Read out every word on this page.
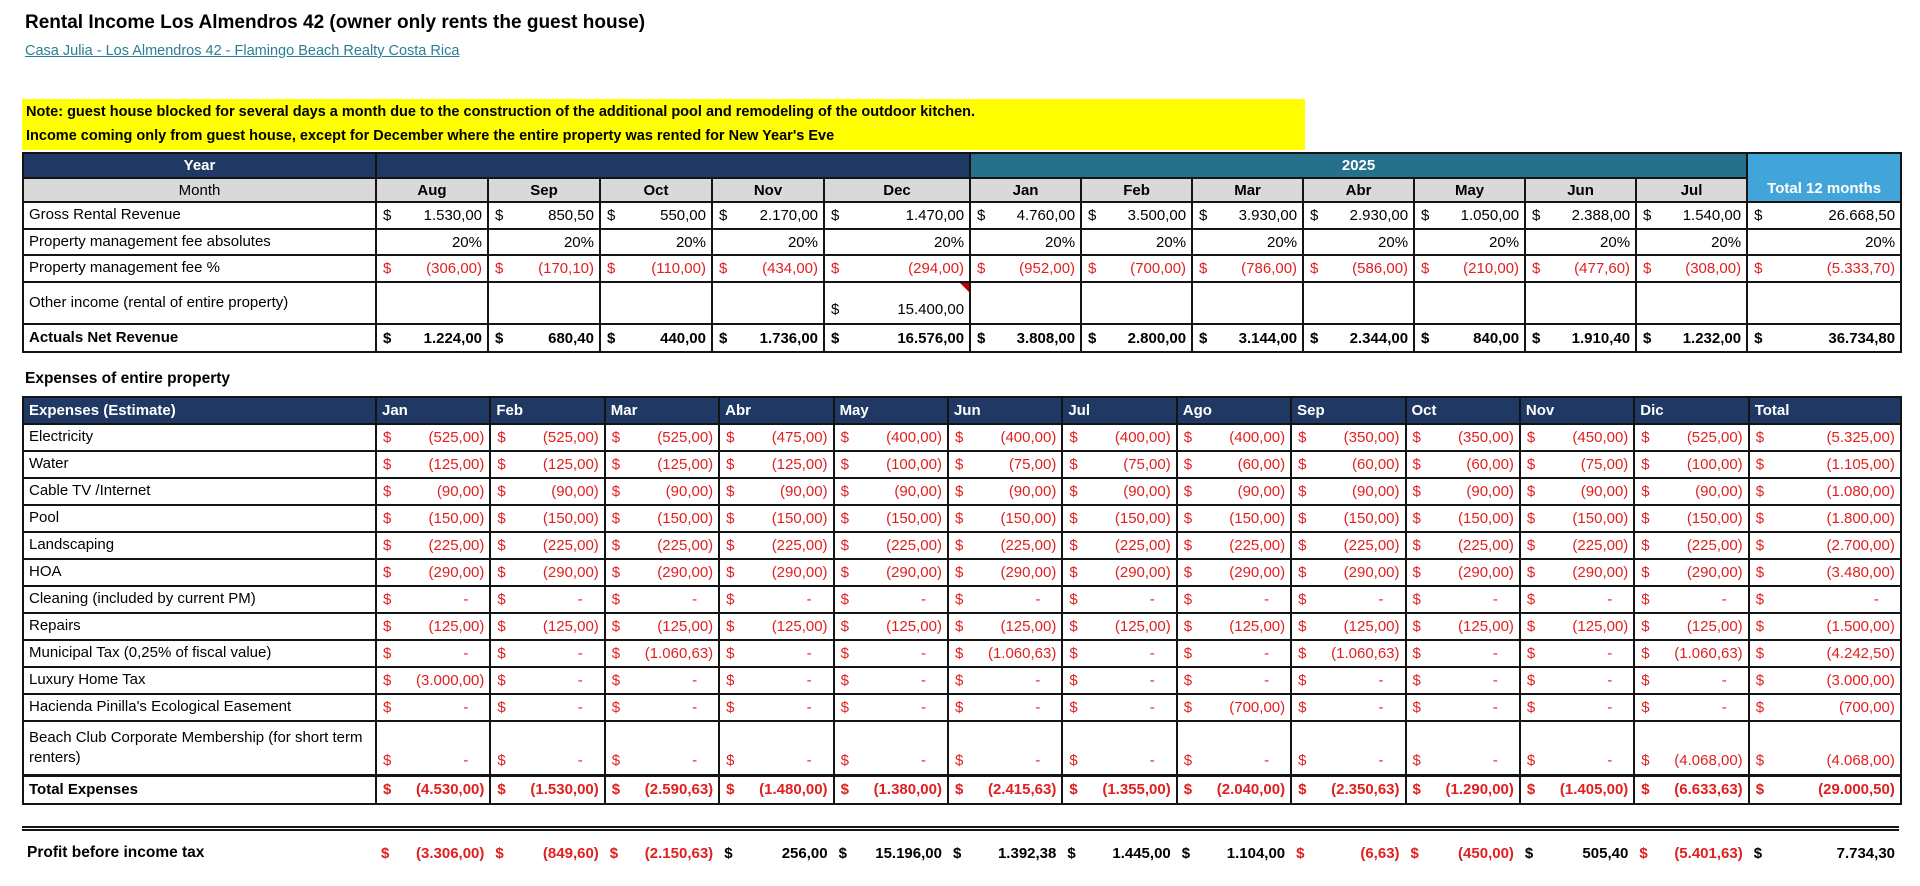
Rental Income Los Almendros 42 (owner only rents the guest house)
Casa Julia - Los Almendros 42 - Flamingo Beach Realty Costa Rica
Note: guest house blocked for several days a month due to the construction of the additional pool and remodeling of the outdoor kitchen.
Income coming only from guest house, except for December where the entire property was rented for New Year's Eve
Year						2025							Total 12 months
Month	Aug	Sep	Oct	Nov	Dec	Jan	Feb	Mar	Abr	May	Jun	Jul	
Gross Rental Revenue	$ 1.530,00	$ 850,50	$ 550,00	$ 2.170,00	$ 1.470,00	$ 4.760,00	$ 3.500,00	$ 3.930,00	$ 2.930,00	$ 1.050,00	$ 2.388,00	$ 1.540,00	$ 26.668,50

Property management fee absolutes	20%	20%	20%	20%	20%	20%	20%	20%	20%	20%	20%	20%	20%

Property management fee %	$ (306,00)	$ (170,10)	$ (110,00)	$ (434,00)	$ (294,00)	$ (952,00)	$ (700,00)	$ (786,00)	$ (586,00)	$ (210,00)	$ (477,60)	$ (308,00)	$ (5.333,70)

Other income (rental of entire property)					$ 15.400,00								

Actuals Net Revenue	$ 1.224,00	$ 680,40	$ 440,00	$ 1.736,00	$ 16.576,00	$ 3.808,00	$ 2.800,00	$ 3.144,00	$ 2.344,00	$ 840,00	$ 1.910,40	$ 1.232,00	$ 36.734,80
Expenses of entire property
Expenses (Estimate)	Jan	Feb	Mar	Abr	May	Jun	Jul	Ago	Sep	Oct	Nov	Dic	Total
Electricity	$ (525,00)	$ (525,00)	$ (525,00)	$ (475,00)	$ (400,00)	$ (400,00)	$ (400,00)	$ (400,00)	$ (350,00)	$ (350,00)	$ (450,00)	$ (525,00)	$ (5.325,00)

Water	$ (125,00)	$ (125,00)	$ (125,00)	$ (125,00)	$ (100,00)	$ (75,00)	$ (75,00)	$ (60,00)	$ (60,00)	$ (60,00)	$ (75,00)	$ (100,00)	$ (1.105,00)

Cable TV /Internet	$ (90,00)	$ (90,00)	$ (90,00)	$ (90,00)	$ (90,00)	$ (90,00)	$ (90,00)	$ (90,00)	$ (90,00)	$ (90,00)	$ (90,00)	$ (90,00)	$ (1.080,00)

Pool	$ (150,00)	$ (150,00)	$ (150,00)	$ (150,00)	$ (150,00)	$ (150,00)	$ (150,00)	$ (150,00)	$ (150,00)	$ (150,00)	$ (150,00)	$ (150,00)	$ (1.800,00)

Landscaping	$ (225,00)	$ (225,00)	$ (225,00)	$ (225,00)	$ (225,00)	$ (225,00)	$ (225,00)	$ (225,00)	$ (225,00)	$ (225,00)	$ (225,00)	$ (225,00)	$ (2.700,00)

HOA	$ (290,00)	$ (290,00)	$ (290,00)	$ (290,00)	$ (290,00)	$ (290,00)	$ (290,00)	$ (290,00)	$ (290,00)	$ (290,00)	$ (290,00)	$ (290,00)	$ (3.480,00)

Cleaning (included by current PM)	$ -	$ -	$ -	$ -	$ -	$ -	$ -	$ -	$ -	$ -	$ -	$ -	$ -

Repairs	$ (125,00)	$ (125,00)	$ (125,00)	$ (125,00)	$ (125,00)	$ (125,00)	$ (125,00)	$ (125,00)	$ (125,00)	$ (125,00)	$ (125,00)	$ (125,00)	$ (1.500,00)

Municipal Tax (0,25% of fiscal value)	$ -	$ -	$ (1.060,63)	$ -	$ -	$ (1.060,63)	$ -	$ -	$ (1.060,63)	$ -	$ -	$ (1.060,63)	$ (4.242,50)

Luxury Home Tax	$ (3.000,00)	$ -	$ -	$ -	$ -	$ -	$ -	$ -	$ -	$ -	$ -	$ -	$ (3.000,00)

Hacienda Pinilla's Ecological Easement	$ -	$ -	$ -	$ -	$ -	$ -	$ -	$ (700,00)	$ -	$ -	$ -	$ -	$ (700,00)

Beach Club Corporate Membership (for short term renters)	$ -	$ -	$ -	$ -	$ -	$ -	$ -	$ -	$ -	$ -	$ -	$ (4.068,00)	$ (4.068,00)

Total Expenses	$ (4.530,00)	$ (1.530,00)	$ (2.590,63)	$ (1.480,00)	$ (1.380,00)	$ (2.415,63)	$ (1.355,00)	$ (2.040,00)	$ (2.350,63)	$ (1.290,00)	$ (1.405,00)	$ (6.633,63)	$ (29.000,50)
Profit before income tax	$ (3.306,00)	$	(849,60)	$ (2.150,63)	$	256,00	$ 15.196,00	$ 1.392,38	$ 1.445,00	$ 1.104,00	$	(6,63)	$	(450,00)	$	505,40	$ (5.401,63)	$	7.734,30
